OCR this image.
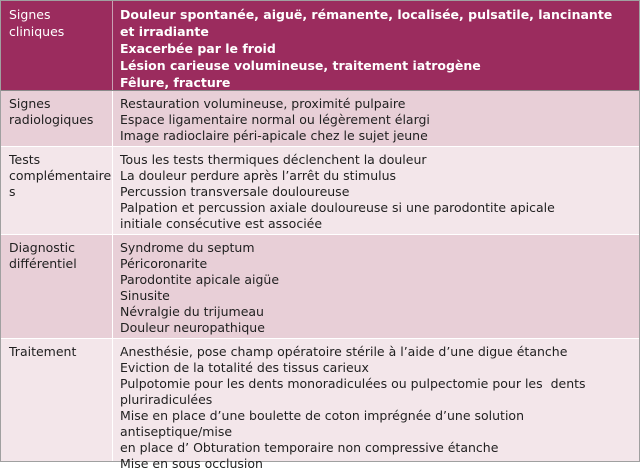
Signes cliniques
Douleur spontanée, aiguë, rémanente, localisée, pulsatile, lancinante
et irradiante
Exacerbée par le froid
Lésion carieuse volumineuse, traitement iatrogène
Fêlure, fracture
Signes
radiologiques
Restauration volumineuse, proximité pulpaire
Espace ligamentaire normal ou légèrement élargi
Image radioclaire péri-apicale chez le sujet jeune
Tests
complémentaire
s
Tous les tests thermiques déclenchent la douleur
La douleur perdure après l’arrêt du stimulus
Percussion transversale douloureuse
Palpation et percussion axiale douloureuse si une parodontite apicale
initiale consécutive est associée
Diagnostic
différentiel
Syndrome du septum
Péricoronarite
Parodontite apicale aigüe
Sinusite
Névralgie du trijumeau
Douleur neuropathique
Traitement	Anesthésie, pose champ opératoire stérile à l’aide d’une digue étanche
Eviction de la totalité des tissus carieux
Pulpotomie pour les dents monoradiculées ou pulpectomie pour les  dents
pluriradiculées
Mise en place d’une boulette de coton imprégnée d’une solution antiseptique/mise
en place d’ Obturation temporaire non compressive étanche
Mise en sous occlusion
